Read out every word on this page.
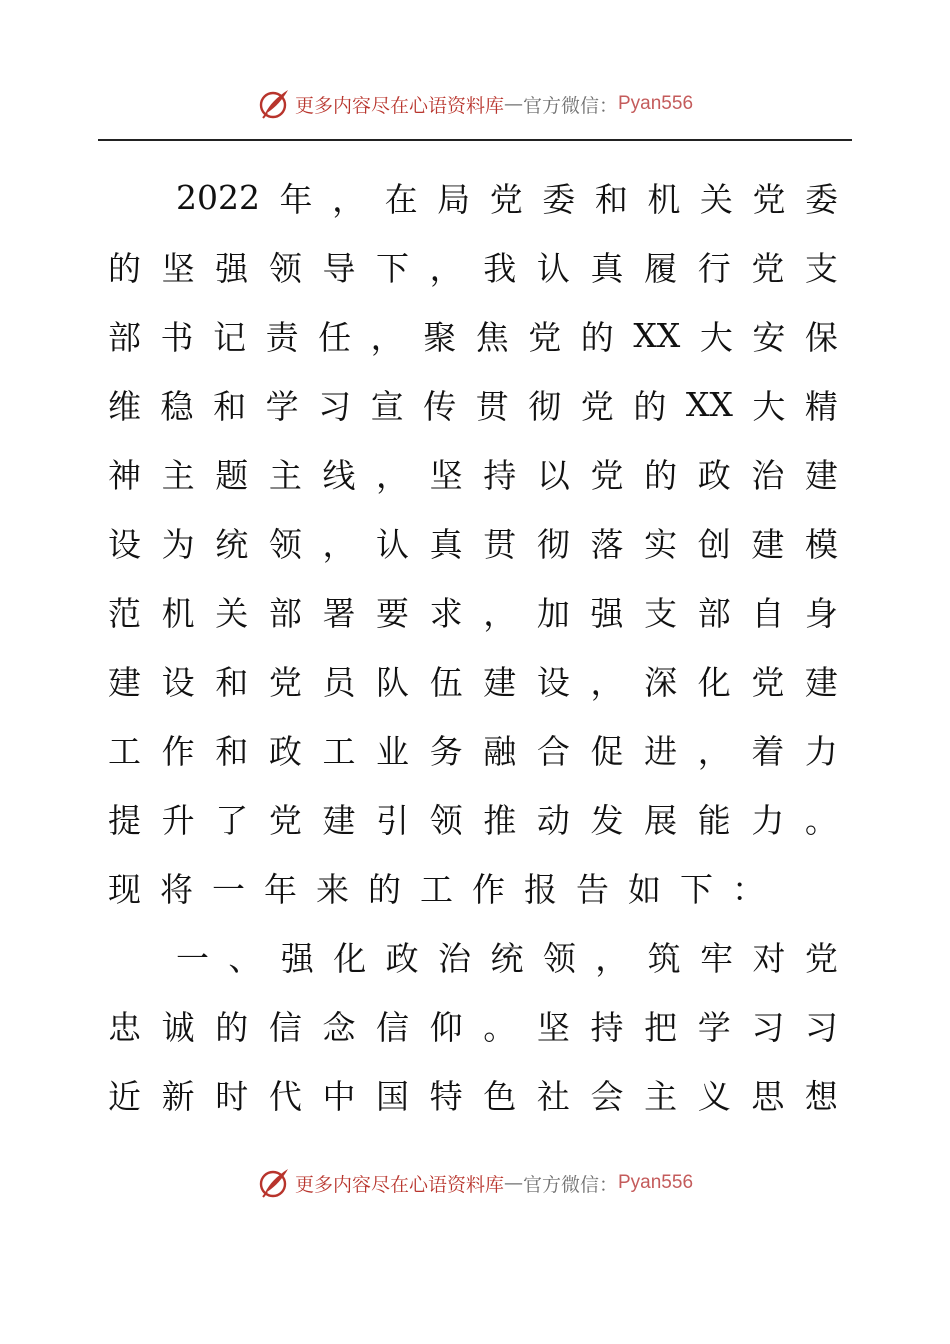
更多内容尽在心语资料库 — 官方微信： Pyan556
2022 年 ， 在 局 党 委 和 机 关 党 委
的 坚 强 领 导 下 ， 我 认 真 履 行 党 支
部 书 记 责 任 ， 聚 焦 党 的 XX 大 安 保
维 稳 和 学 习 宣 传 贯 彻 党 的 XX 大 精
神 主 题 主 线 ， 坚 持 以 党 的 政 治 建
设 为 统 领 ， 认 真 贯 彻 落 实 创 建 模
范 机 关 部 署 要 求 ， 加 强 支 部 自 身
建 设 和 党 员 队 伍 建 设 ， 深 化 党 建
工 作 和 政 工 业 务 融 合 促 进 ， 着 力
提 升 了 党 建 引 领 推 动 发 展 能 力 。
现 将 一 年 来 的 工 作 报 告 如 下 ：
一 、 强 化 政 治 统 领 ， 筑 牢 对 党
忠 诚 的 信 念 信 仰 。 坚 持 把 学 习 习
近 新 时 代 中 国 特 色 社 会 主 义 思 想
更多内容尽在心语资料库 — 官方微信： Pyan556
